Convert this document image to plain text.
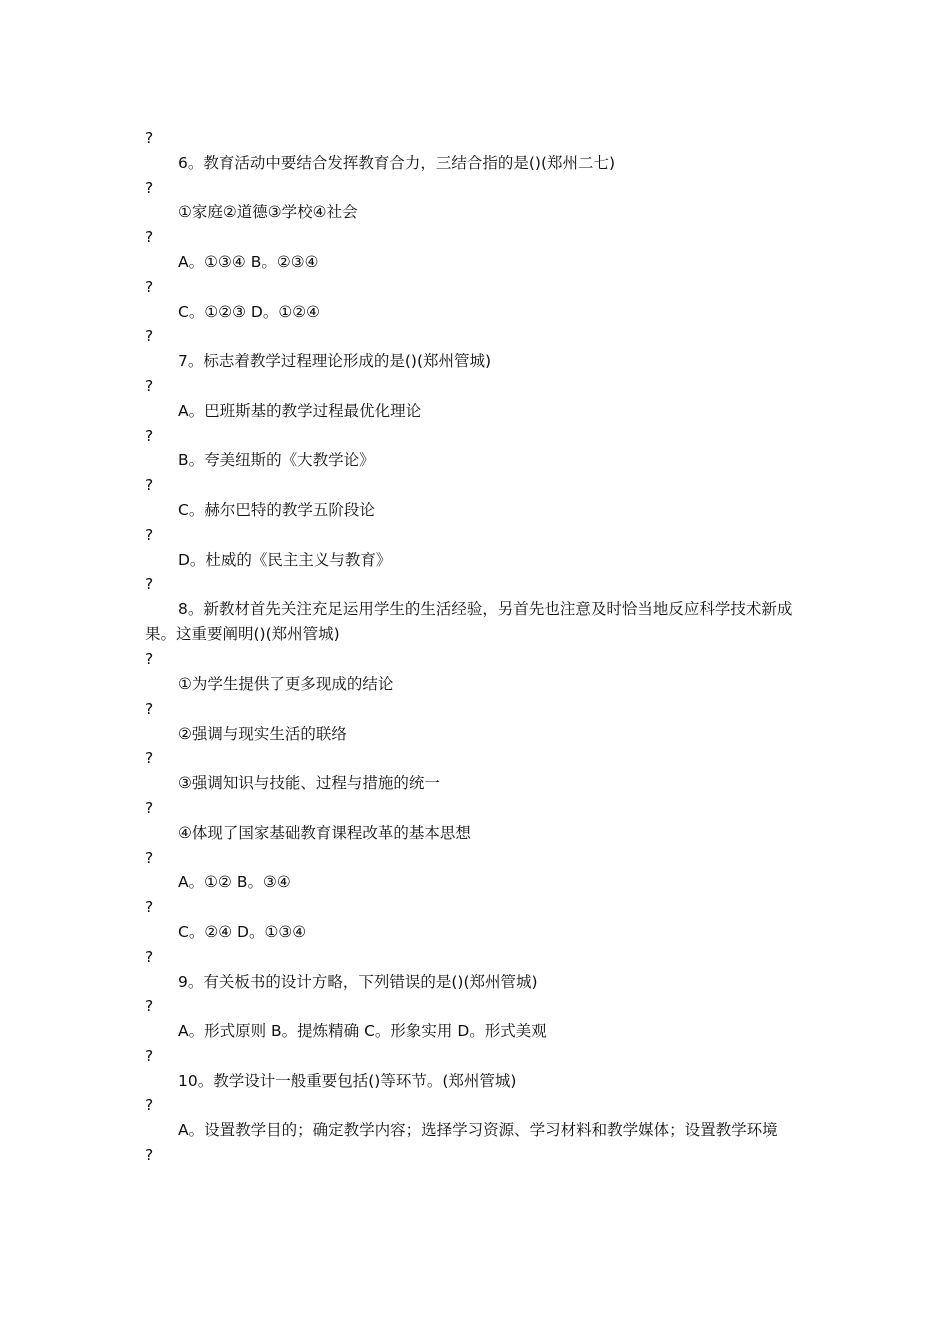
?

6。教育活动中要结合发挥教育合力，三结合指的是()(郑州二七)

?

①家庭②道德③学校④社会

?

A。①③④ B。②③④

?

C。①②③ D。①②④

?

7。标志着教学过程理论形成的是()(郑州管城)

?

A。巴班斯基的教学过程最优化理论

?

B。夸美纽斯的《大教学论》

?

C。赫尔巴特的教学五阶段论

?

D。杜威的《民主主义与教育》

?

8。新教材首先关注充足运用学生的生活经验，另首先也注意及时恰当地反应科学技术新成果。这重要阐明()(郑州管城)

?

①为学生提供了更多现成的结论

?

②强调与现实生活的联络

?

③强调知识与技能、过程与措施的统一

?

④体现了国家基础教育课程改革的基本思想

?

A。①② B。③④

?

C。②④ D。①③④

?

9。有关板书的设计方略，下列错误的是()(郑州管城)

?

A。形式原则 B。提炼精确 C。形象实用 D。形式美观

?

10。教学设计一般重要包括()等环节。(郑州管城)

?

A。设置教学目的；确定教学内容；选择学习资源、学习材料和教学媒体；设置教学环境

?
